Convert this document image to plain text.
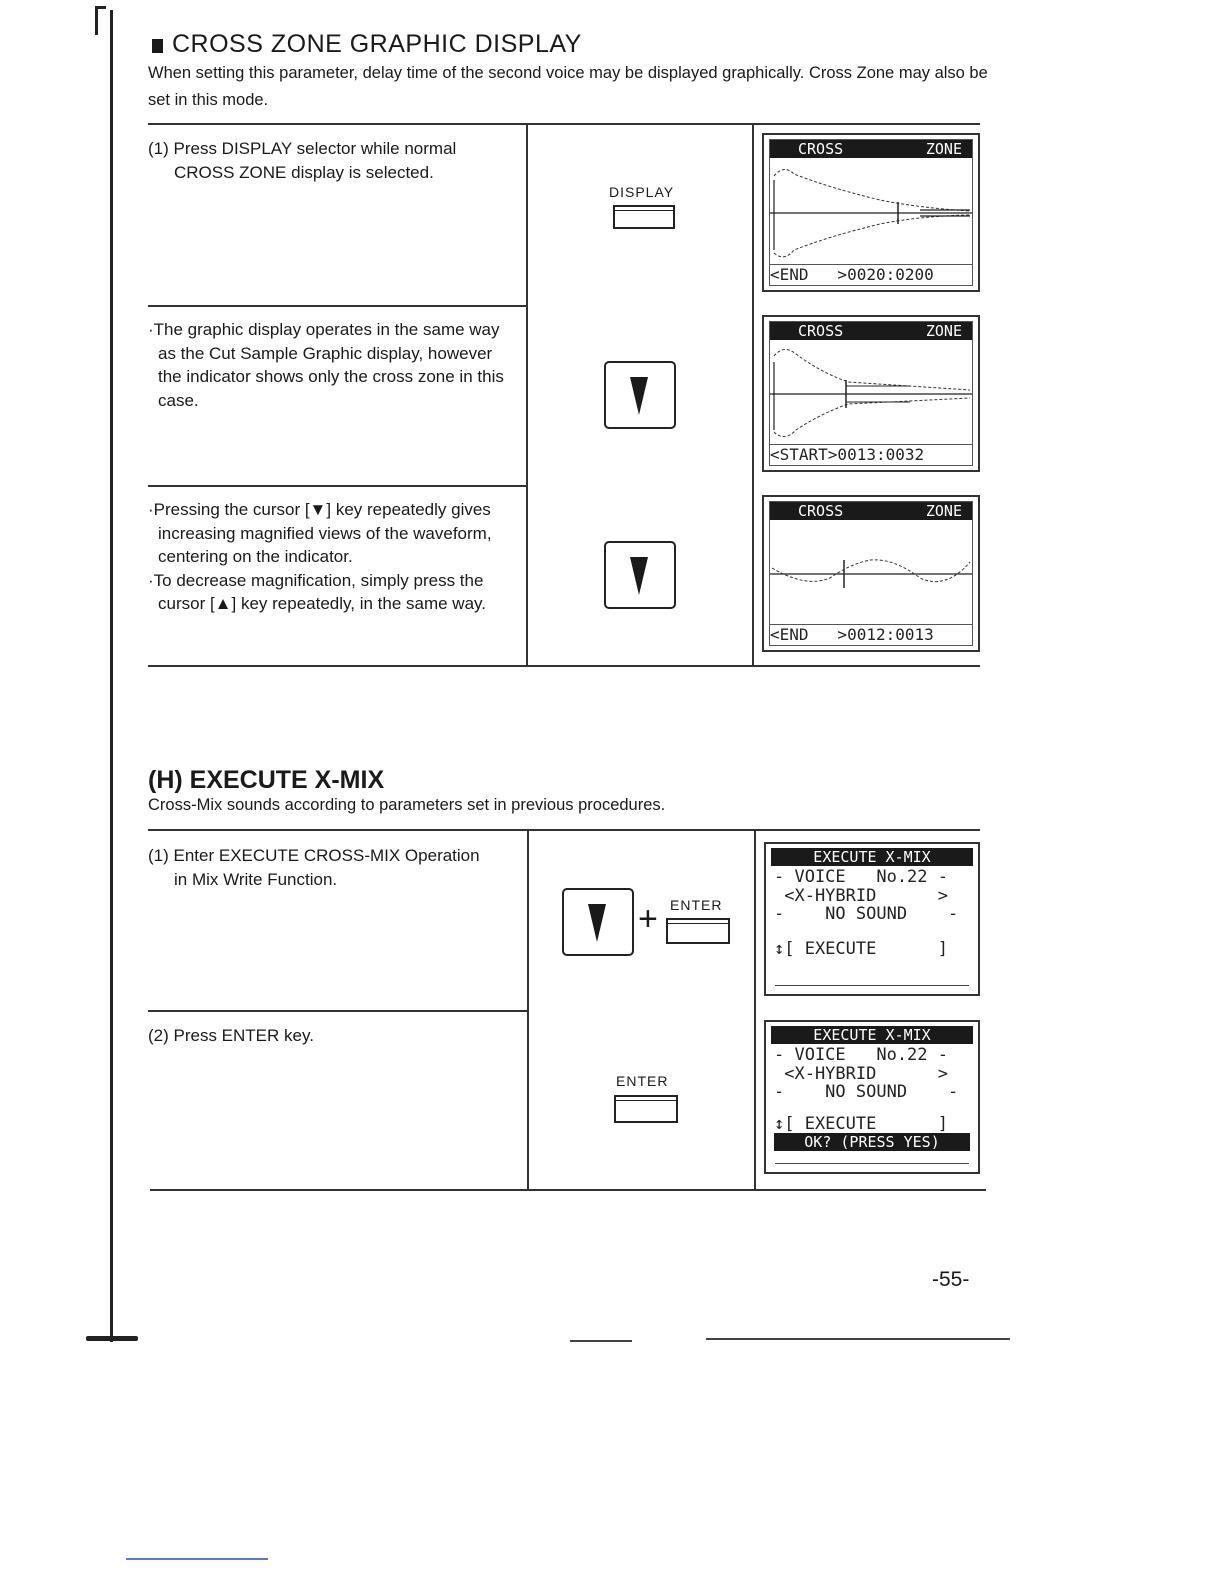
CROSS ZONE GRAPHIC DISPLAY
When setting this parameter, delay time of the second voice may be displayed graphically. Cross Zone may also be set in this mode.

(1) Press DISPLAY selector while normal

CROSS ZONE display is selected.

DISPLAY
CROSS	ZONE
<END   >0020:0200

·The graphic display operates in the same way as the Cut Sample Graphic display, however the indicator shows only the cross zone in this case.

CROSS	ZONE
<START>0013:0032

·Pressing the cursor [▼] key repeatedly gives increasing magnified views of the waveform, centering on the indicator.

·To decrease magnification, simply press the cursor [▲] key repeatedly, in the same way.

CROSS	ZONE
<END   >0012:0013
(H) EXECUTE X-MIX
Cross-Mix sounds according to parameters set in previous procedures.

(1) Enter EXECUTE CROSS-MIX Operation

in Mix Write Function.

+ ENTER
EXECUTE X-MIX
- VOICE   No.22 -
<X-HYBRID      >
-    NO SOUND    -
↕[ EXECUTE      ]

(2) Press ENTER key.

ENTER
EXECUTE X-MIX
- VOICE   No.22 -
<X-HYBRID      >
-    NO SOUND    -
↕[ EXECUTE      ]
OK? (PRESS YES)
-55-
